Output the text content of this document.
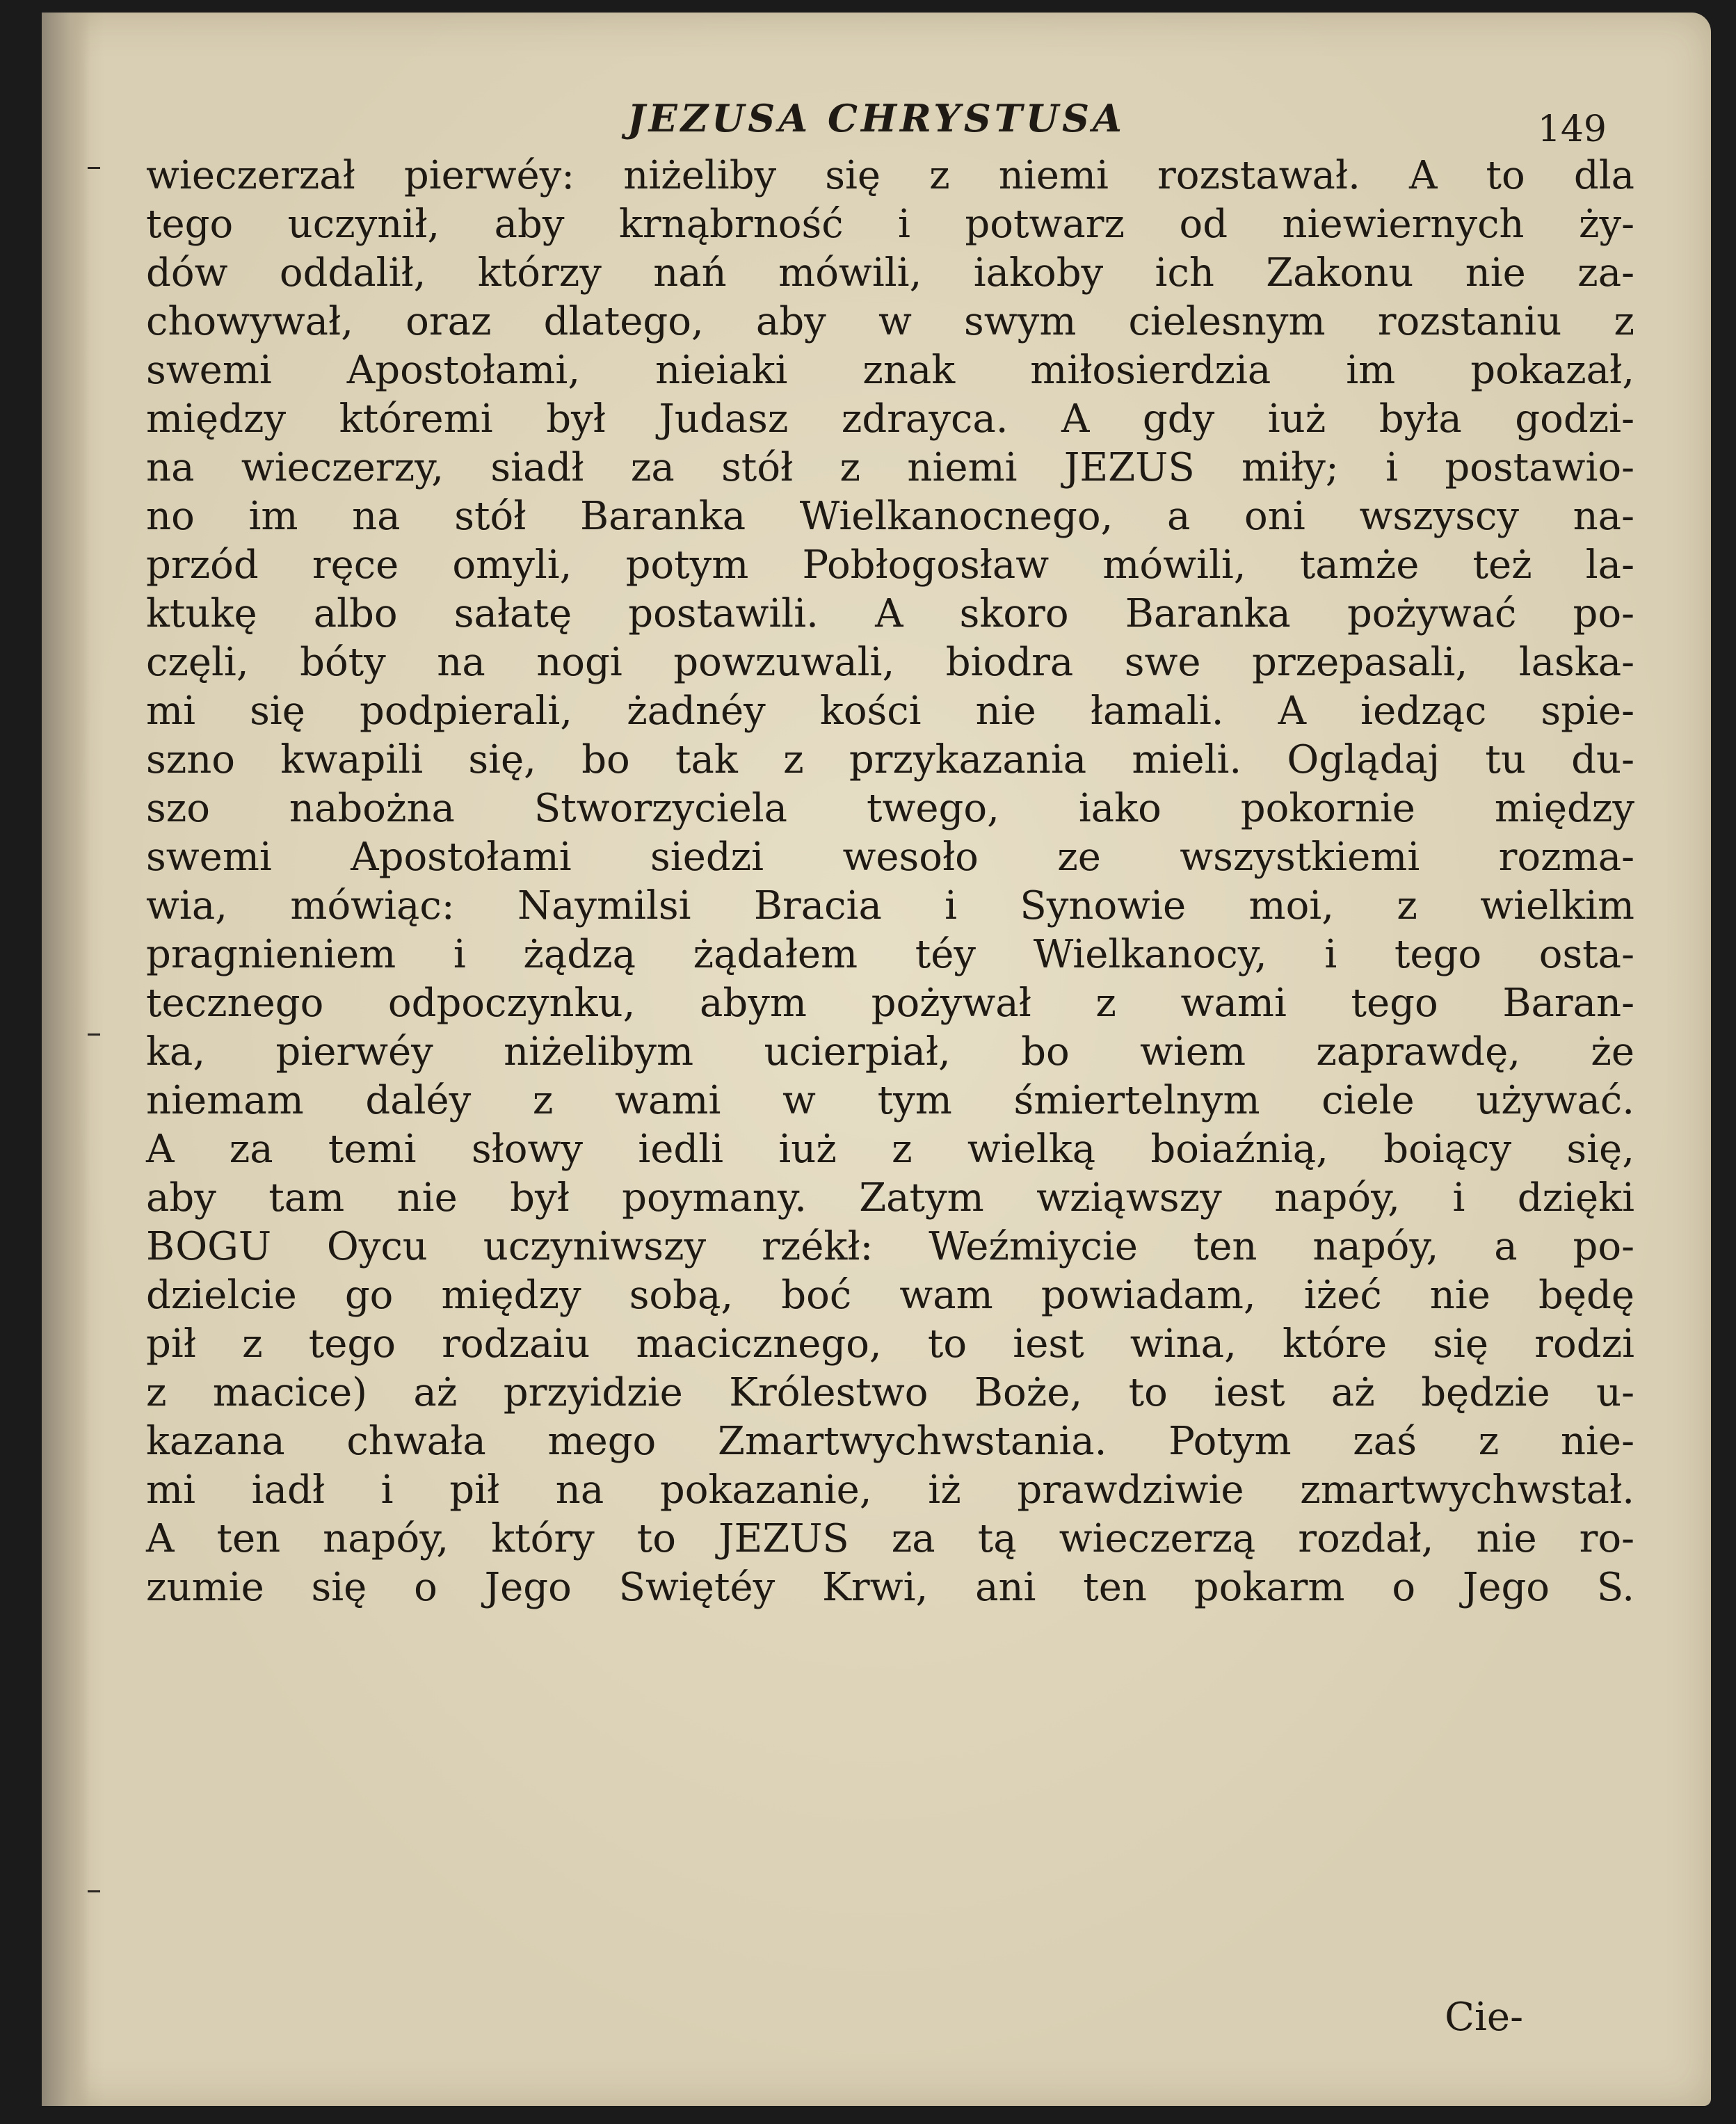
JEZUSA CHRYSTUSA	149
wieczerzał pierwéy: niżeliby się z niemi rozstawał. A to dla
tego uczynił, aby krnąbrność i potwarz od niewiernych ży-
dów oddalił, którzy nań mówili, iakoby ich Zakonu nie za-
chowywał, oraz dlatego, aby w swym cielesnym rozstaniu z
swemi Apostołami, nieiaki znak miłosierdzia im pokazał,
między któremi był Judasz zdrayca. A gdy iuż była godzi-
na wieczerzy, siadł za stół z niemi JEZUS miły; i postawio-
no im na stół Baranka Wielkanocnego, a oni wszyscy na-
przód ręce omyli, potym Pobłogosław mówili, tamże też la-
ktukę albo sałatę postawili. A skoro Baranka pożywać po-
częli, bóty na nogi powzuwali, biodra swe przepasali, laska-
mi się podpierali, żadnéy kości nie łamali. A iedząc spie-
szno kwapili się, bo tak z przykazania mieli. Oglądaj tu du-
szo nabożna Stworzyciela twego, iako pokornie między
swemi Apostołami siedzi wesoło ze wszystkiemi rozma-
wia, mówiąc: Naymilsi Bracia i Synowie moi, z wielkim
pragnieniem i żądzą żądałem téy Wielkanocy, i tego osta-
tecznego odpoczynku, abym pożywał z wami tego Baran-
ka, pierwéy niżelibym ucierpiał, bo wiem zaprawdę, że
niemam daléy z wami w tym śmiertelnym ciele używać.
A za temi słowy iedli iuż z wielką boiaźnią, boiący się,
aby tam nie był poymany. Zatym wziąwszy napóy, i dzięki
BOGU Oycu uczyniwszy rzékł: Weźmiycie ten napóy, a po-
dzielcie go między sobą, boć wam powiadam, iżeć nie będę
pił z tego rodzaiu macicznego, to iest wina, które się rodzi
z macice) aż przyidzie Królestwo Boże, to iest aż będzie u-
kazana chwała mego Zmartwychwstania. Potym zaś z nie-
mi iadł i pił na pokazanie, iż prawdziwie zmartwychwstał.
A ten napóy, który to JEZUS za tą wieczerzą rozdał, nie ro-
zumie się o Jego Swiętéy Krwi, ani ten pokarm o Jego S.
Cie-
